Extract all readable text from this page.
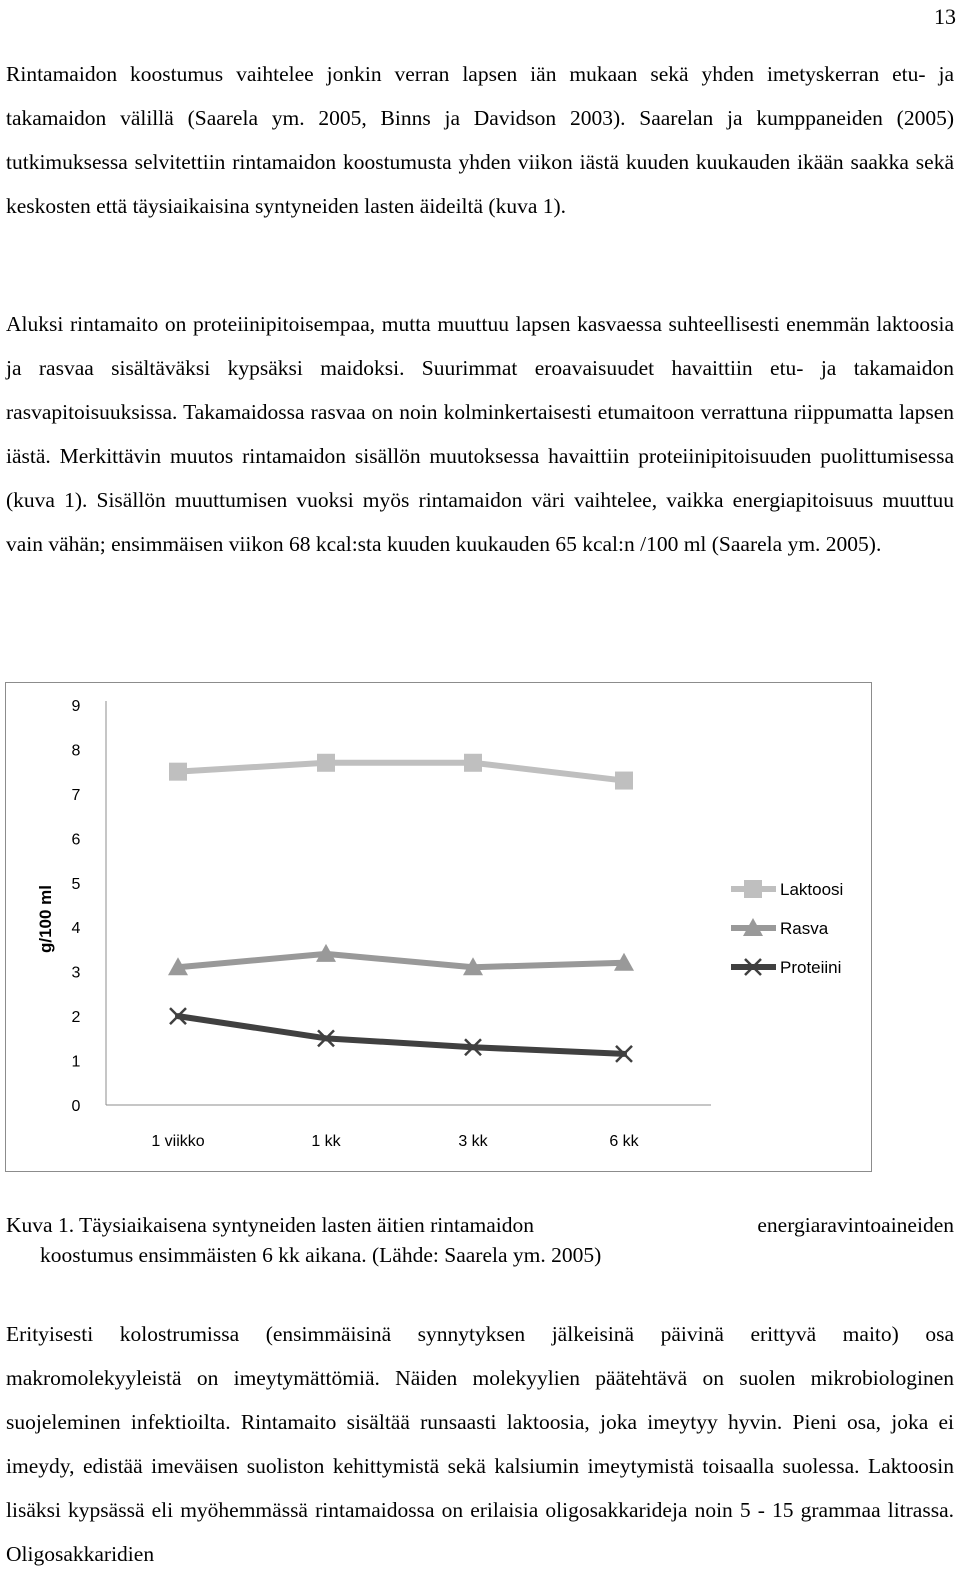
13

Rintamaidon koostumus vaihtelee jonkin verran lapsen iän mukaan sekä yhden imetyskerran etu- ja takamaidon välillä (Saarela ym. 2005, Binns ja Davidson 2003). Saarelan ja kumppaneiden (2005) tutkimuksessa selvitettiin rintamaidon koostumusta yhden viikon iästä kuuden kuukauden ikään saakka sekä keskosten että täysiaikaisina syntyneiden lasten äideiltä (kuva 1).

Aluksi rintamaito on proteiinipitoisempaa, mutta muuttuu lapsen kasvaessa suhteellisesti enemmän laktoosia ja rasvaa sisältäväksi kypsäksi maidoksi. Suurimmat eroavaisuudet havaittiin etu- ja takamaidon rasvapitoisuuksissa. Takamaidossa rasvaa on noin kolminkertaisesti etumaitoon verrattuna riippumatta lapsen iästä. Merkittävin muutos rintamaidon sisällön muutoksessa havaittiin proteiinipitoisuuden puolittumisessa (kuva 1). Sisällön muuttumisen vuoksi myös rintamaidon väri vaihtelee, vaikka energiapitoisuus muuttuu vain vähän; ensimmäisen viikon 68 kcal:sta kuuden kuukauden 65 kcal:n /100 ml (Saarela ym. 2005).

0
1
2
3
4
5
6
7
8
9
1 viikko	1 kk	3 kk	6 kk
Laktoosi
Rasva
Proteiini
g/100 ml
Kuva 1. Täysiaikaisena syntyneiden lasten äitien rintamaidon	energiaravintoaineiden
koostumus ensimmäisten 6 kk aikana. (Lähde: Saarela ym. 2005)

Erityisesti kolostrumissa (ensimmäisinä synnytyksen jälkeisinä päivinä erittyvä maito) osa makromolekyyleistä on imeytymättömiä. Näiden molekyylien päätehtävä on suolen mikrobiologinen suojeleminen infektioilta. Rintamaito sisältää runsaasti laktoosia, joka imeytyy hyvin. Pieni osa, joka ei imeydy, edistää imeväisen suoliston kehittymistä sekä kalsiumin imeytymistä toisaalla suolessa. Laktoosin lisäksi kypsässä eli myöhemmässä rintamaidossa on erilaisia oligosakkarideja noin 5 - 15 grammaa litrassa. Oligosakkaridien
